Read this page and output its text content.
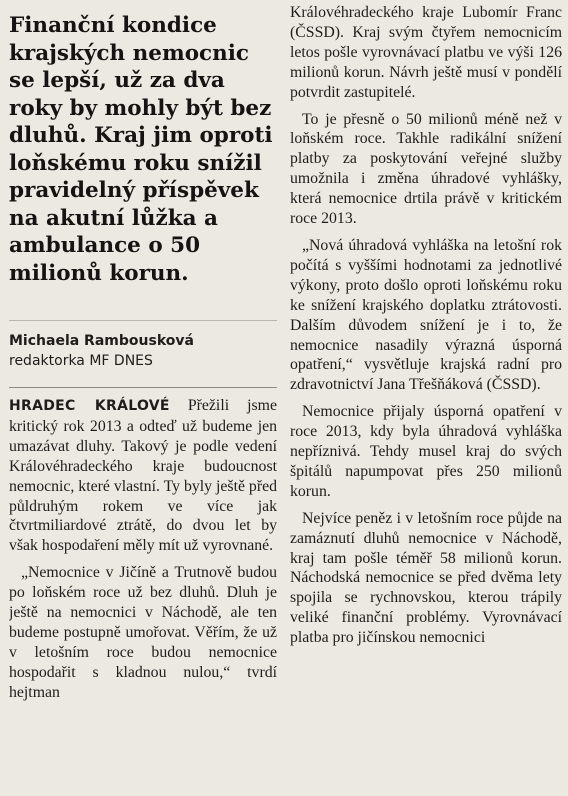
Finanční kondice krajských nemocnic se lepší, už za dva roky by mohly být bez dluhů. Kraj jim oproti loňskému roku snížil pravidelný příspěvek na akutní lůžka a ambulance o 50 milionů korun.

Michaela Rambousková

redaktorka MF DNES

HRADEC KRÁLOVÉ Přežili jsme kritický rok 2013 a odteď už budeme jen umazávat dluhy. Takový je podle vedení Královéhradeckého kraje budoucnost nemocnic, které vlastní. Ty byly ještě před půldruhým rokem ve více jak čtvrtmiliardové ztrátě, do dvou let by však hospodaření měly mít už vyrovnané.

„Nemocnice v Jičíně a Trutnově budou po loňském roce už bez dluhů. Dluh je ještě na nemocnici v Náchodě, ale ten budeme postupně umořovat. Věřím, že už v letošním roce budou nemocnice hospodařit s kladnou nulou,“ tvrdí hejtman

Královéhradeckého kraje Lubomír Franc (ČSSD). Kraj svým čtyřem nemocnicím letos pošle vyrovnávací platbu ve výši 126 milionů korun. Návrh ještě musí v pondělí potvrdit zastupitelé.

To je přesně o 50 milionů méně než v loňském roce. Takhle radikální snížení platby za poskytování veřejné služby umožnila i změna úhradové vyhlášky, která nemocnice drtila právě v kritickém roce 2013.

„Nová úhradová vyhláška na letošní rok počítá s vyššími hodnotami za jednotlivé výkony, proto došlo oproti loňskému roku ke snížení krajského doplatku ztrátovosti. Dalším důvodem snížení je i to, že nemocnice nasadily výrazná úsporná opatření,“ vysvětluje krajská radní pro zdravotnictví Jana Třešňáková (ČSSD).

Nemocnice přijaly úsporná opatření v roce 2013, kdy byla úhradová vyhláška nepříznivá. Tehdy musel kraj do svých špitálů napumpovat přes 250 milionů korun.

Nejvíce peněz i v letošním roce půjde na zamáznutí dluhů nemocnice v Náchodě, kraj tam pošle téměř 58 milionů korun. Náchodská nemocnice se před dvěma lety spojila se rychnovskou, kterou trápily veliké finanční problémy. Vyrovnávací platba pro jičínskou nemocnici
